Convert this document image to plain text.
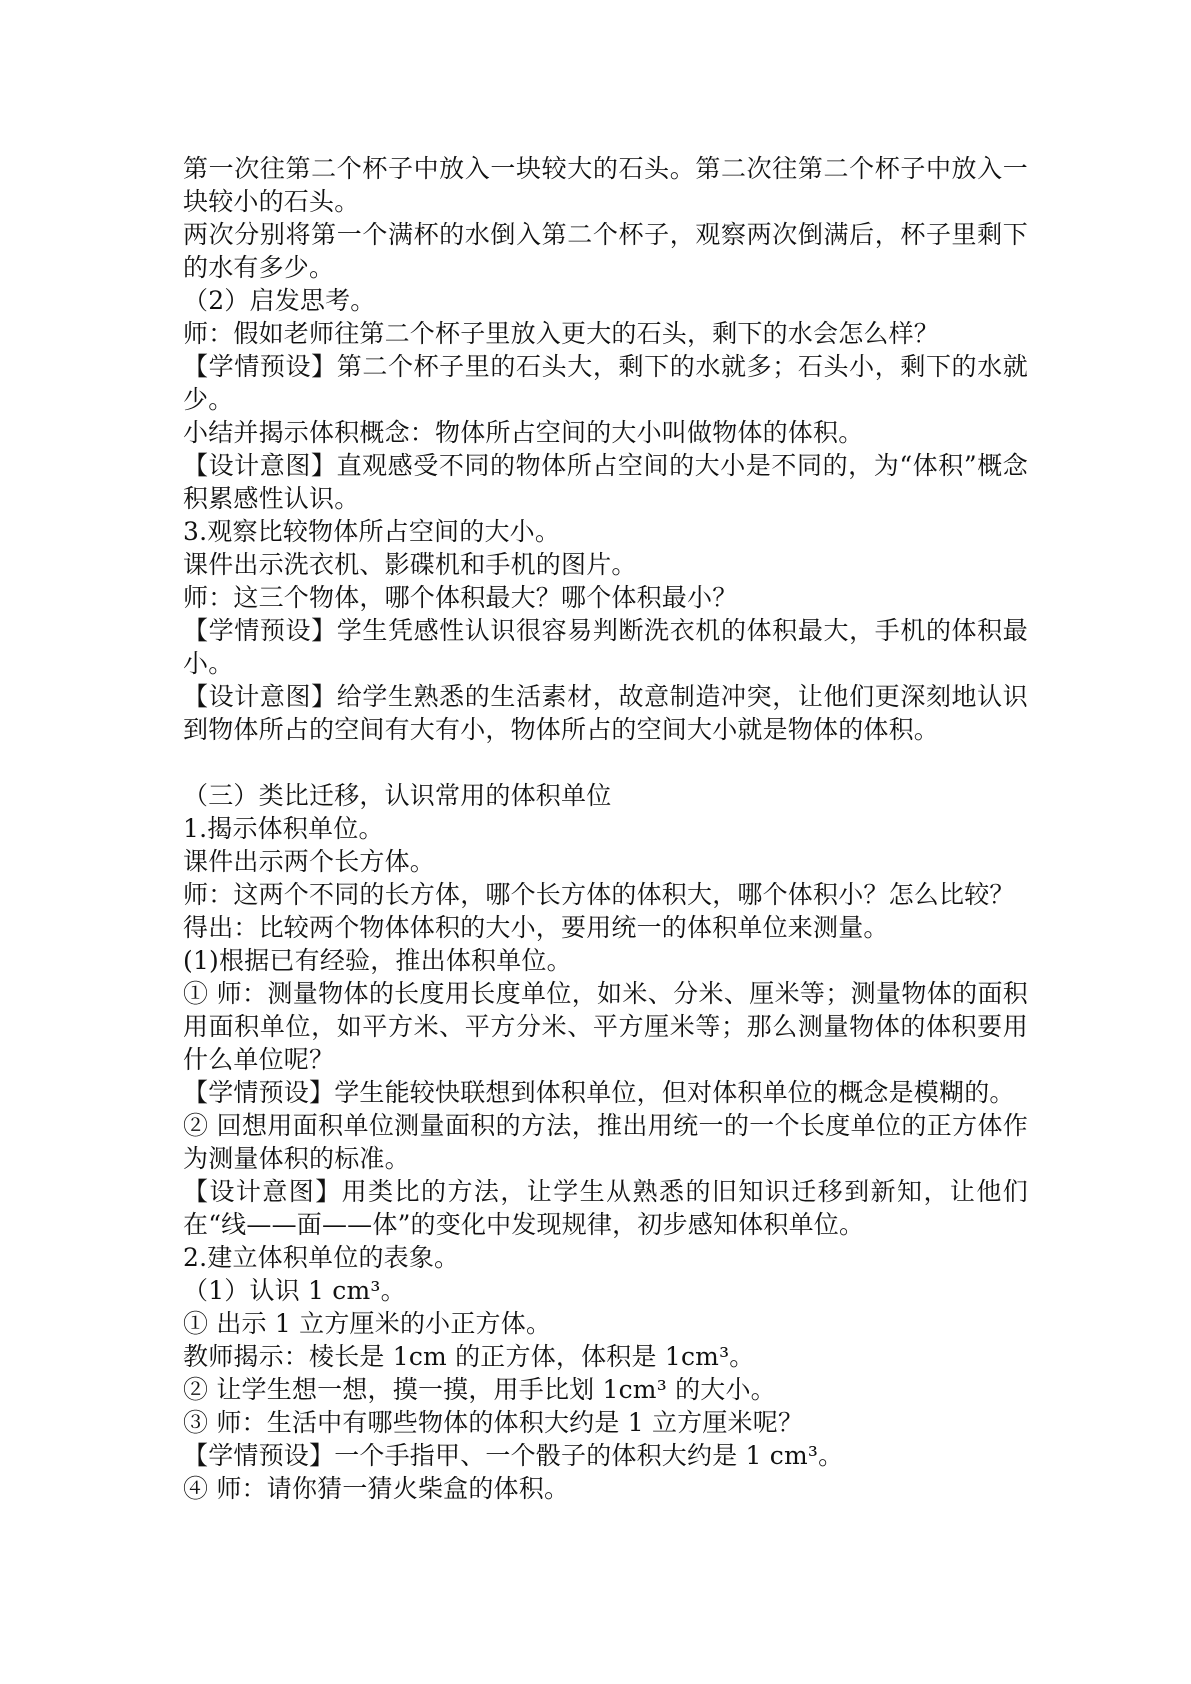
第一次往第二个杯子中放入一块较大的石头。第二次往第二个杯子中放入一块较小的石头。

两次分别将第一个满杯的水倒入第二个杯子，观察两次倒满后，杯子里剩下的水有多少。

（2）启发思考。

师：假如老师往第二个杯子里放入更大的石头，剩下的水会怎么样？

【学情预设】第二个杯子里的石头大，剩下的水就多；石头小，剩下的水就少。

小结并揭示体积概念：物体所占空间的大小叫做物体的体积。

【设计意图】直观感受不同的物体所占空间的大小是不同的，为“体积”概念积累感性认识。

3.观察比较物体所占空间的大小。

课件出示洗衣机、影碟机和手机的图片。

师：这三个物体，哪个体积最大？哪个体积最小？

【学情预设】学生凭感性认识很容易判断洗衣机的体积最大，手机的体积最小。

【设计意图】给学生熟悉的生活素材，故意制造冲突，让他们更深刻地认识到物体所占的空间有大有小，物体所占的空间大小就是物体的体积。

（三）类比迁移，认识常用的体积单位

1.揭示体积单位。

课件出示两个长方体。

师：这两个不同的长方体，哪个长方体的体积大，哪个体积小？怎么比较？

得出：比较两个物体体积的大小，要用统一的体积单位来测量。

(1)根据已有经验，推出体积单位。

① 师：测量物体的长度用长度单位，如米、分米、厘米等；测量物体的面积用面积单位，如平方米、平方分米、平方厘米等；那么测量物体的体积要用什么单位呢？

【学情预设】学生能较快联想到体积单位，但对体积单位的概念是模糊的。

② 回想用面积单位测量面积的方法，推出用统一的一个长度单位的正方体作为测量体积的标准。

【设计意图】用类比的方法，让学生从熟悉的旧知识迁移到新知，让他们在“线——面——体”的变化中发现规律，初步感知体积单位。

2.建立体积单位的表象。

（1）认识 1 cm³。

① 出示 1 立方厘米的小正方体。

教师揭示：棱长是 1cm 的正方体，体积是 1cm³。

② 让学生想一想，摸一摸，用手比划 1cm³ 的大小。

③ 师：生活中有哪些物体的体积大约是 1 立方厘米呢？

【学情预设】一个手指甲、一个骰子的体积大约是 1 cm³。

④ 师：请你猜一猜火柴盒的体积。
